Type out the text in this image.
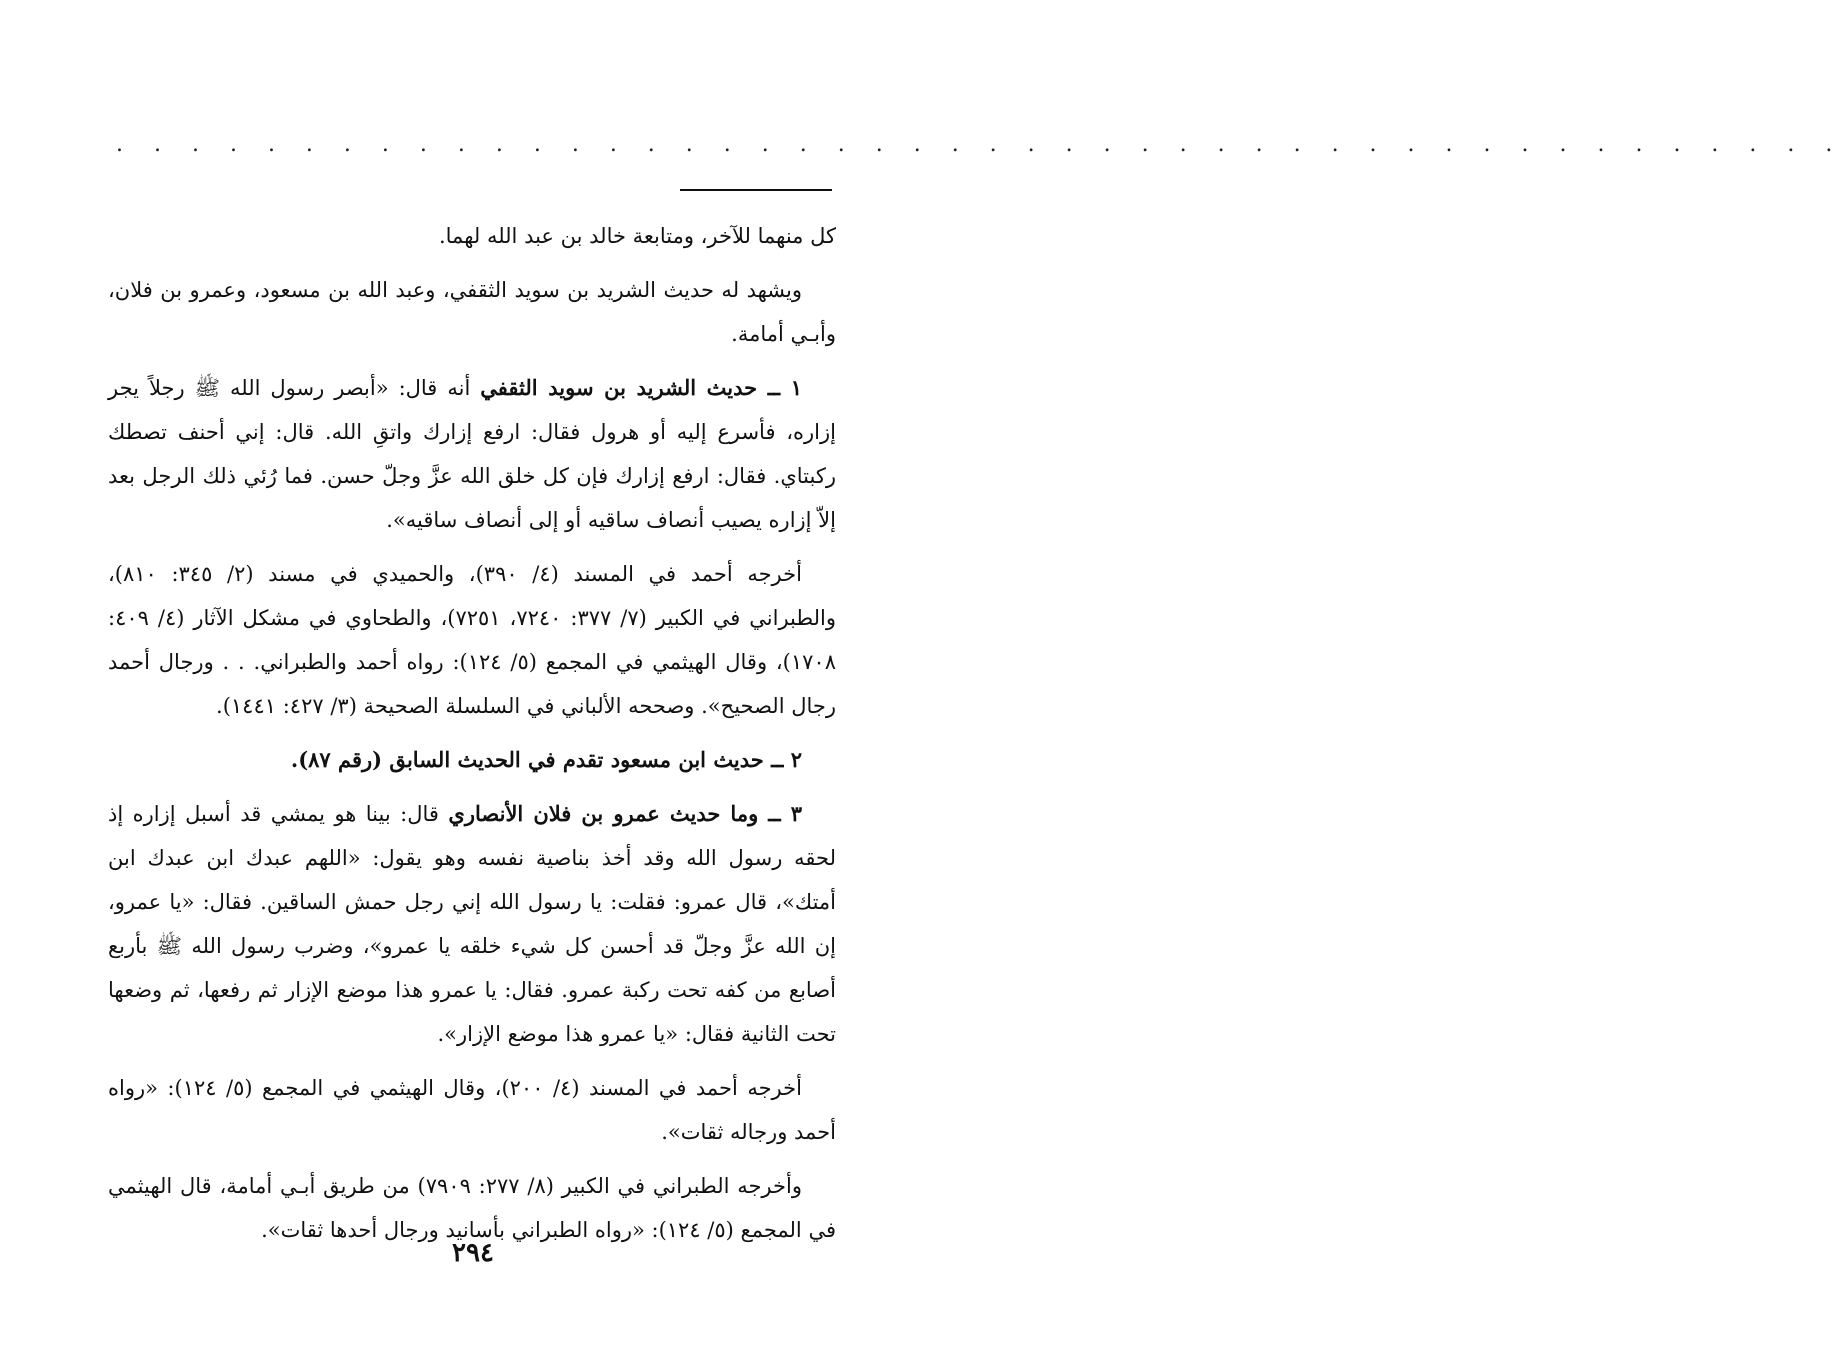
. . . . . . . . . . . . . . . . . . . . . . . . . . . . . . . . . . . . . . . . . . . . . .

كل منهما للآخر، ومتابعة خالد بن عبد الله لهما.

ويشهد له حديث الشريد بن سويد الثقفي، وعبد الله بن مسعود، وعمرو بن فلان، وأبـي أمامة.

١ ــ حديث الشريد بن سويد الثقفي أنه قال: «أبصر رسول الله ﷺ رجلاً يجر إزاره، فأسرع إليه أو هرول فقال: ارفع إزارك واتقِ الله. قال: إني أحنف تصطك ركبتاي. فقال: ارفع إزارك فإن كل خلق الله عزَّ وجلّ حسن. فما رُئي ذلك الرجل بعد إلاّ إزاره يصيب أنصاف ساقيه أو إلى أنصاف ساقيه».

أخرجه أحمد في المسند (٤/ ٣٩٠)، والحميدي في مسند (٢/ ٣٤٥: ٨١٠)، والطبراني في الكبير (٧/ ٣٧٧: ٧٢٤٠، ٧٢٥١)، والطحاوي في مشكل الآثار (٤/ ٤٠٩: ١٧٠٨)، وقال الهيثمي في المجمع (٥/ ١٢٤): رواه أحمد والطبراني. . . ورجال أحمد رجال الصحيح». وصححه الألباني في السلسلة الصحيحة (٣/ ٤٢٧: ١٤٤١).

٢ ــ حديث ابن مسعود تقدم في الحديث السابق (رقم ٨٧).

٣ ــ وما حديث عمرو بن فلان الأنصاري قال: بينا هو يمشي قد أسبل إزاره إذ لحقه رسول الله وقد أخذ بناصية نفسه وهو يقول: «اللهم عبدك ابن عبدك ابن أمتك»، قال عمرو: فقلت: يا رسول الله إني رجل حمش الساقين. فقال: «يا عمرو، إن الله عزَّ وجلّ قد أحسن كل شيء خلقه يا عمرو»، وضرب رسول الله ﷺ بأربع أصابع من كفه تحت ركبة عمرو. فقال: يا عمرو هذا موضع الإزار ثم رفعها، ثم وضعها تحت الثانية فقال: «يا عمرو هذا موضع الإزار».

أخرجه أحمد في المسند (٤/ ٢٠٠)، وقال الهيثمي في المجمع (٥/ ١٢٤): «رواه أحمد ورجاله ثقات».

وأخرجه الطبراني في الكبير (٨/ ٢٧٧: ٧٩٠٩) من طريق أبـي أمامة، قال الهيثمي في المجمع (٥/ ١٢٤): «رواه الطبراني بأسانيد ورجال أحدها ثقات».

٢٩٤
